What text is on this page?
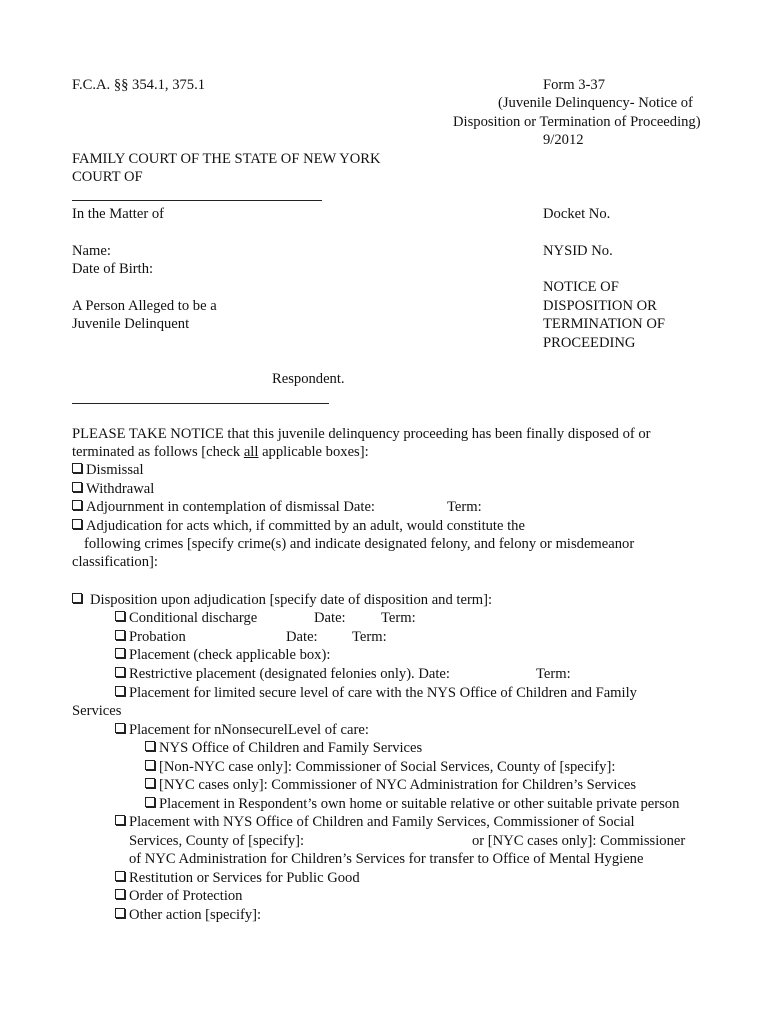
F.C.A. §§ 354.1, 375.1	Form 3-37
(Juvenile Delinquency- Notice of
Disposition or Termination of Proceeding)
9/2012
FAMILY COURT OF THE STATE OF NEW YORK
COURT OF
In the Matter of	Docket No.
Name:	NYSID No.
Date of Birth:
NOTICE OF
A Person Alleged to be a	DISPOSITION OR
Juvenile Delinquent	TERMINATION OF
PROCEEDING
Respondent.
PLEASE TAKE NOTICE that this juvenile delinquency proceeding has been finally disposed of or
terminated as follows [check all applicable boxes]:
Dismissal
Withdrawal
Adjournment in contemplation of dismissal Date:	Term:
Adjudication for acts which, if committed by an adult, would constitute the
following crimes [specify crime(s) and indicate designated felony, and felony or misdemeanor
classification]:
Disposition upon adjudication [specify date of disposition and term]:
Conditional discharge	Date: Term:
Probation	Date: Term:
Placement (check applicable box):
Restrictive placement (designated felonies only). Date:	Term:
Placement for limited secure level of care with the NYS Office of Children and Family
Services
Placement for nNonsecurelLevel of care:
NYS Office of Children and Family Services
[Non-NYC case only]: Commissioner of Social Services, County of [specify]:
[NYC cases only]: Commissioner of NYC Administration for Children’s Services
Placement in Respondent’s own home or suitable relative or other suitable private person
Placement with NYS Office of Children and Family Services, Commissioner of Social
Services, County of [specify]:	or [NYC cases only]: Commissioner
of NYC Administration for Children’s Services for transfer to Office of Mental Hygiene
Restitution or Services for Public Good
Order of Protection
Other action [specify]:
